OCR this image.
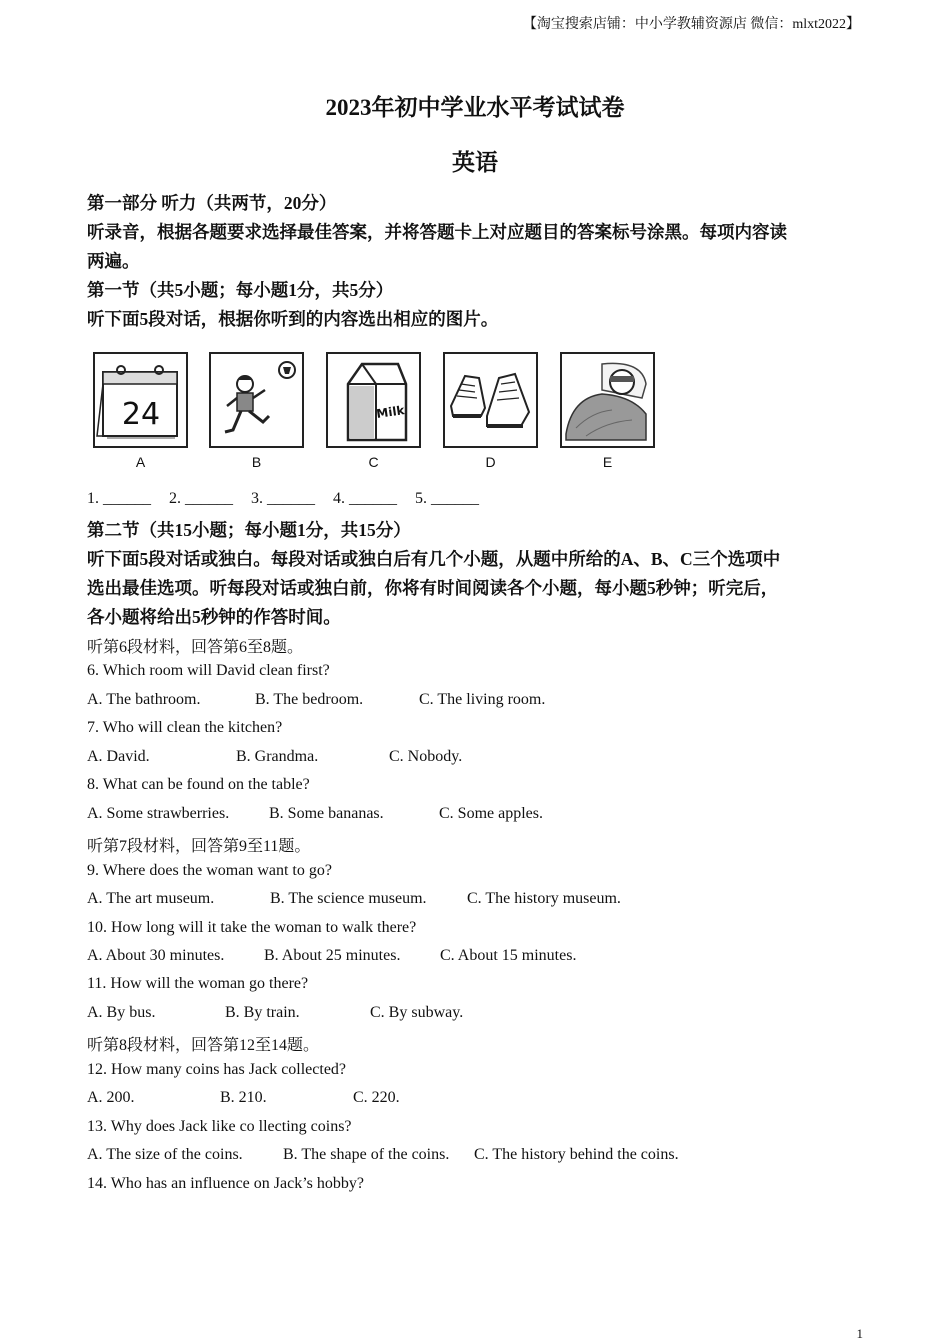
【淘宝搜索店铺：中小学教辅资源店 微信：mlxt2022】
2023年初中学业水平考试试卷
英语
第一部分 听力（共两节，20分）
听录音，根据各题要求选择最佳答案，并将答题卡上对应题目的答案标号涂黑。每项内容读
两遍。
第一节（共5小题；每小题1分，共5分）
听下面5段对话，根据你听到的内容选出相应的图片。
24	Milk
A	B	C	D	E
1. ______ 2. ______ 3. ______ 4. ______ 5. ______
第二节（共15小题；每小题1分，共15分）
听下面5段对话或独白。每段对话或独白后有几个小题，从题中所给的A、B、C三个选项中
选出最佳选项。听每段对话或独白前，你将有时间阅读各个小题，每小题5秒钟；听完后，
各小题将给出5秒钟的作答时间。
听第6段材料，回答第6至8题。
6. Which room will David clean first?
A. The bathroom.	B. The bedroom.	C. The living room.
7. Who will clean the kitchen?
A. David.	B. Grandma.	C. Nobody.
8. What can be found on the table?
A. Some strawberries. B. Some bananas.	C. Some apples.
听第7段材料，回答第9至11题。
9. Where does the woman want to go?
A. The art museum.	B. The science museum.	C. The history museum.
10. How long will it take the woman to walk there?
A. About 30 minutes. B. About 25 minutes. C. About 15 minutes.
11. How will the woman go there?
A. By bus.	B. By train.	C. By subway.
听第8段材料，回答第12至14题。
12. How many coins has Jack collected?
A. 200.	B. 210.	C. 220.
13. Why does Jack like co llecting coins?
A. The size of the coins.	B. The shape of the coins. C. The history behind the coins.
14. Who has an influence on Jack’s hobby?
1
